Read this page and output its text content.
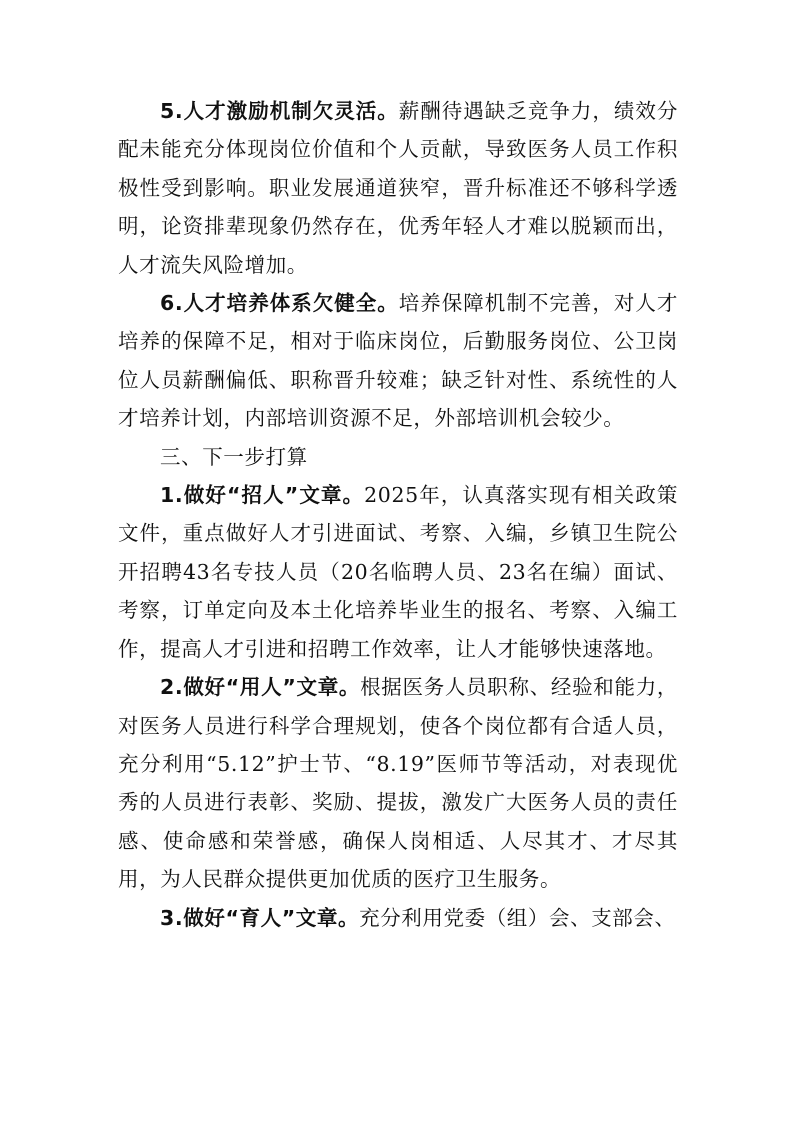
5.人才激励机制欠灵活。薪酬待遇缺乏竞争力，绩效分配未能充分体现岗位价值和个人贡献，导致医务人员工作积极性受到影响。职业发展通道狭窄，晋升标准还不够科学透明，论资排辈现象仍然存在，优秀年轻人才难以脱颖而出，人才流失风险增加。

6.人才培养体系欠健全。培养保障机制不完善，对人才培养的保障不足，相对于临床岗位，后勤服务岗位、公卫岗位人员薪酬偏低、职称晋升较难；缺乏针对性、系统性的人才培养计划，内部培训资源不足，外部培训机会较少。

三、下一步打算

1.做好“招人”文章。2025年，认真落实现有相关政策文件，重点做好人才引进面试、考察、入编，乡镇卫生院公开招聘43名专技人员（20名临聘人员、23名在编）面试、考察，订单定向及本土化培养毕业生的报名、考察、入编工作，提高人才引进和招聘工作效率，让人才能够快速落地。

2.做好“用人”文章。根据医务人员职称、经验和能力，对医务人员进行科学合理规划，使各个岗位都有合适人员，充分利用“5.12”护士节、“8.19”医师节等活动，对表现优秀的人员进行表彰、奖励、提拔，激发广大医务人员的责任感、使命感和荣誉感，确保人岗相适、人尽其才、才尽其用，为人民群众提供更加优质的医疗卫生服务。

3.做好“育人”文章。充分利用党委（组）会、支部会、
